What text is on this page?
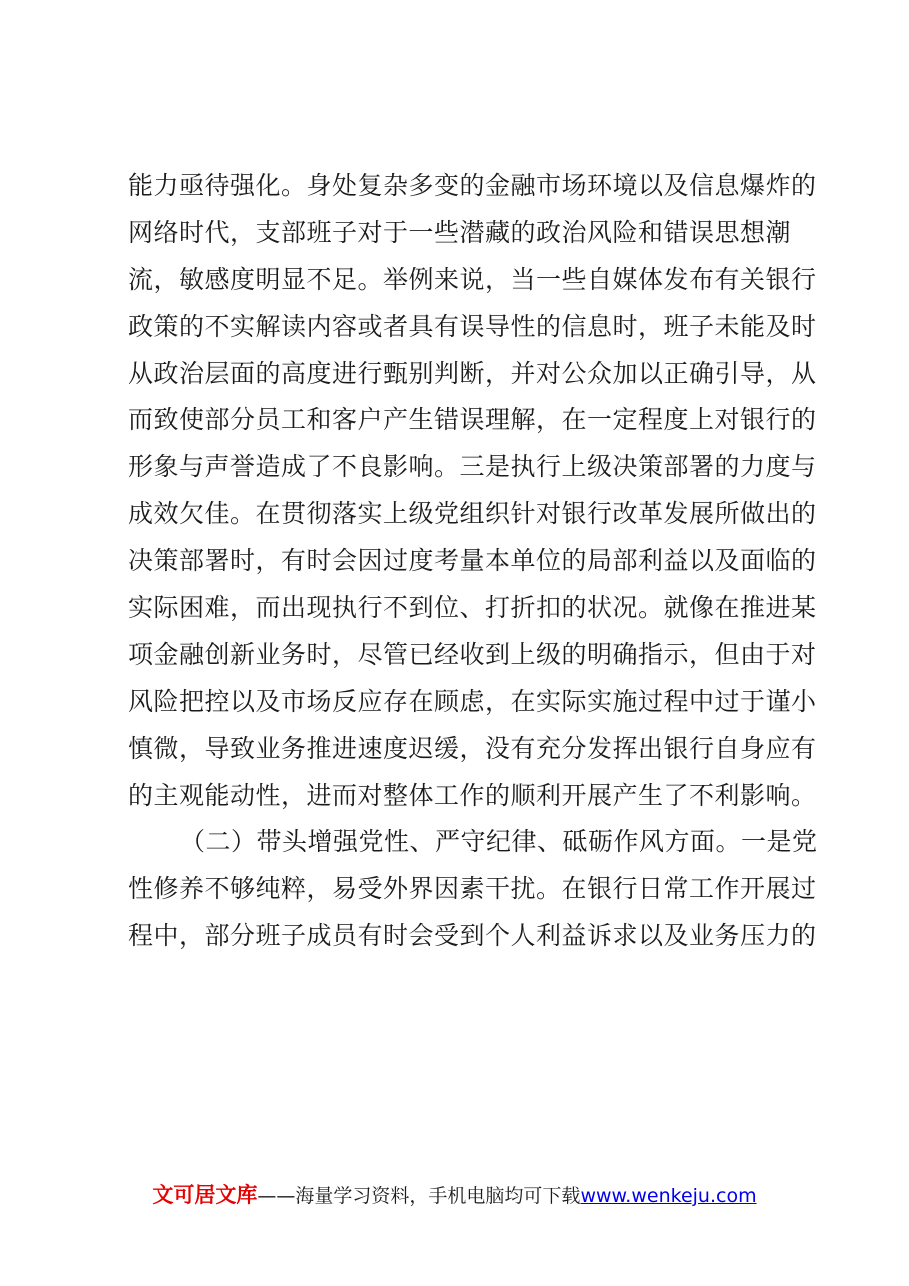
能力亟待强化。身处复杂多变的金融市场环境以及信息爆炸的
网络时代，支部班子对于一些潜藏的政治风险和错误思想潮
流，敏感度明显不足。举例来说，当一些自媒体发布有关银行
政策的不实解读内容或者具有误导性的信息时，班子未能及时
从政治层面的高度进行甄别判断，并对公众加以正确引导，从
而致使部分员工和客户产生错误理解，在一定程度上对银行的
形象与声誉造成了不良影响。三是执行上级决策部署的力度与
成效欠佳。在贯彻落实上级党组织针对银行改革发展所做出的
决策部署时，有时会因过度考量本单位的局部利益以及面临的
实际困难，而出现执行不到位、打折扣的状况。就像在推进某
项金融创新业务时，尽管已经收到上级的明确指示，但由于对
风险把控以及市场反应存在顾虑，在实际实施过程中过于谨小
慎微，导致业务推进速度迟缓，没有充分发挥出银行自身应有
的主观能动性，进而对整体工作的顺利开展产生了不利影响。
（二）带头增强党性、严守纪律、砥砺作风方面。一是党
性修养不够纯粹，易受外界因素干扰。在银行日常工作开展过
程中，部分班子成员有时会受到个人利益诉求以及业务压力的
文可居文库——海量学习资料，手机电脑均可下载www.wenkeju.com
